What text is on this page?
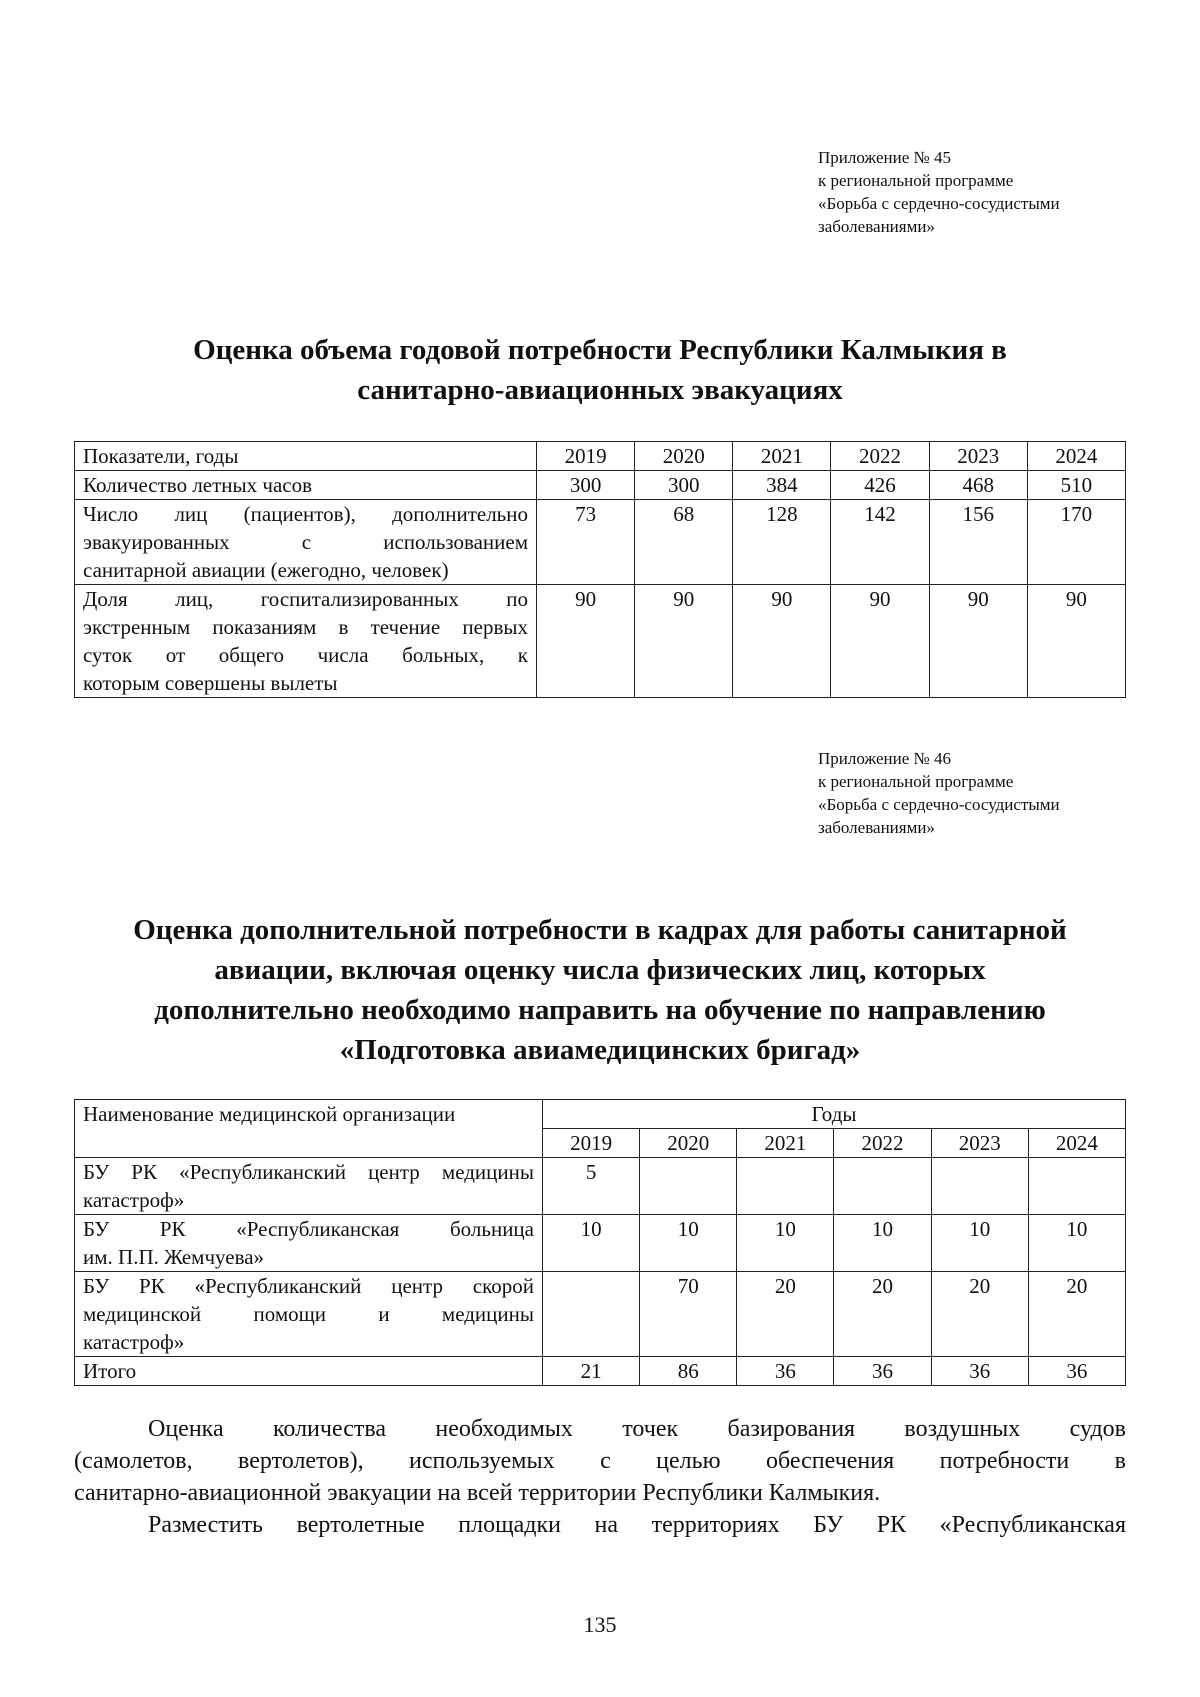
Приложение № 45
к региональной программе
«Борьба с сердечно-сосудистыми
заболеваниями»
Оценка объема годовой потребности Республики Калмыкия в
санитарно-авиационных эвакуациях
Показатели, годы	2019	2020	2021	2022	2023	2024
Количество летных часов	300	300	384	426	468	510

Число лиц (пациентов), дополнительно
эвакуированных с использованием
санитарной авиации (ежегодно, человек)	73	68	128	142	156	170

Доля лиц, госпитализированных по
экстренным показаниям в течение первых
суток от общего числа больных, к
которым совершены вылеты	90	90	90	90	90	90
Приложение № 46
к региональной программе
«Борьба с сердечно-сосудистыми
заболеваниями»
Оценка дополнительной потребности в кадрах для работы санитарной
авиации, включая оценку числа физических лиц, которых
дополнительно необходимо направить на обучение по направлению
«Подготовка авиамедицинских бригад»
Наименование медицинской организации	Годы					
	2019	2020	2021	2022	2023	2024

БУ РК «Республиканский центр медицины
катастроф»	5					

БУ РК «Республиканская больница
им. П.П. Жемчуева»	10	10	10	10	10	10

БУ РК «Республиканский центр скорой
медицинской помощи и медицины
катастроф»		70	20	20	20	20
Итого	21	86	36	36	36	36
Оценка количества необходимых точек базирования воздушных судов
(самолетов, вертолетов), используемых с целью обеспечения потребности в
санитарно-авиационной эвакуации на всей территории Республики Калмыкия.
Разместить вертолетные площадки на территориях БУ РК «Республиканская
135
